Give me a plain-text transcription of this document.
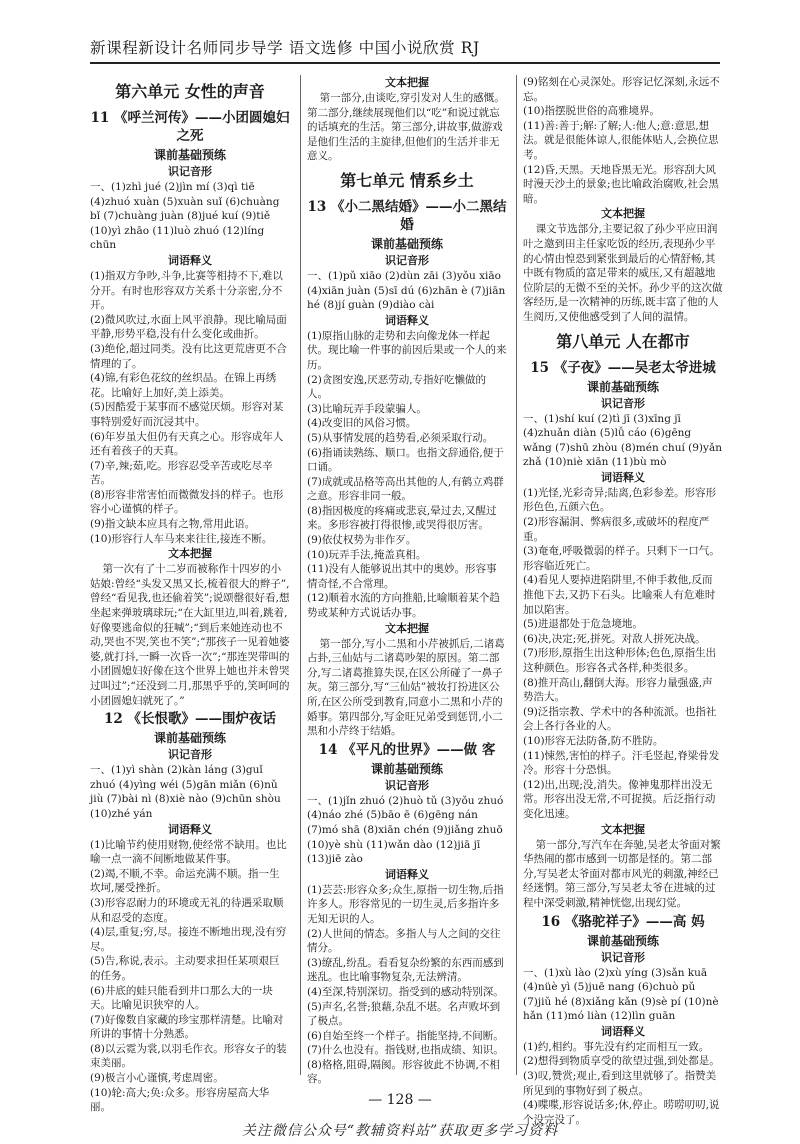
新课程新设计名师同步导学 语文选修 中国小说欣赏 RJ
第六单元 女性的声音
11 《呼兰河传》——小团圆媳妇之死
课前基础预练
识记音形
一、(1)zhì jué (2)jìn mí (3)qì tiē (4)zhuó xuàn (5)xuàn suǐ (6)chuàng bǐ (7)chuàng juàn (8)jué kuí (9)tiě (10)yì zhāo (11)luò zhuó (12)líng chūn
词语释义
(1)指双方争吵,斗争,比赛等相持不下,难以分开。有时也形容双方关系十分亲密,分不开。
(2)微风吹过,水面上风平浪静。现比喻局面平静,形势平稳,没有什么变化或曲折。
(3)绝伦,超过同类。没有比这更荒唐更不合情理的了。
(4)锦,有彩色花纹的丝织品。在锦上再绣花。比喻好上加好,美上添美。
(5)因酷爱于某事而不感觉厌烦。形容对某事特别爱好而沉浸其中。
(6)年岁虽大但仍有天真之心。形容成年人还有着孩子的天真。
(7)辛,辣;茹,吃。形容忍受辛苦或吃尽辛苦。
(8)形容非常害怕而微微发抖的样子。也形容小心谨慎的样子。
(9)指文缺本应具有之物,常用此语。
(10)形容行人车马来来往往,接连不断。
文本把握
第一次有了十二岁而被称作十四岁的小姑娘:曾经“头发又黑又长,梳着很大的辫子”,曾经“看见我,也还偷着笑”;说颂罄很好看,想坐起来弹玻璃球玩;“在大缸里边,叫着,跳着,好像要逃命似的狂喊”;“到后来她连动也不动,哭也不哭,笑也不笑”;“那孩子一见着她婆婆,就打抖,一瞬一次昏一次”;“那连哭带叫的小团圆媳妇好像在这个世界上她也并未曾哭过叫过”;“还没到二月,那黑乎乎的,笑呵呵的小团圆媳妇就死了。”
12 《长恨歌》——围炉夜话
课前基础预练
识记音形
一、(1)yì shàn (2)kàn láng (3)guǐ zhuó (4)yìng wéi (5)gān miǎn (6)nǔ jiù (7)bài nì (8)xiè nào (9)chūn shòu (10)zhé yán
词语释义
(1)比喻节约使用财物,使经常不缺用。也比喻一点一滴不间断地做某件事。
(2)竭,不顺,不幸。命运充满不顺。指一生坎坷,屡受挫折。
(3)形容忍耐力的环境或无礼的待遇采取顺从和忍受的态度。
(4)层,重复;穷,尽。接连不断地出现,没有穷尽。
(5)告,称说,表示。主动要求担任某项艰巨的任务。
(6)井底的蛙只能看到井口那么大的一块天。比喻见识狭窄的人。
(7)好像数自家藏的珍宝那样清楚。比喻对所讲的事情十分熟悉。
(8)以云霓为裳,以羽毛作衣。形容女子的装束美丽。
(9)极言小心谨慎,考虑周密。
(10)轮:高大;奂:众多。形容房屋高大华丽。
文本把握
第一部分,由谈吃,穿引发对人生的感慨。第二部分,继续展现他们以“吃”和说过就忘的话填充的生活。第三部分,讲故事,做游戏是他们生活的主旋律,但他们的生活并非无意义。
第七单元 情系乡土
13 《小二黑结婚》——小二黑结婚
课前基础预练
识记音形
一、(1)pǔ xiāo (2)dùn zāi (3)yǒu xiāo (4)xiān juàn (5)sī dú (6)zhān è (7)jiān hé (8)jí guàn (9)diào cài
词语释义
(1)原指山脉的走势和去向像龙体一样起伏。现比喻一件事的前因后果或一个人的来历。
(2)贪图安逸,厌恶劳动,专指好吃懒做的人。
(3)比喻玩弄手段蒙骗人。
(4)改变旧的风俗习惯。
(5)从事情发展的趋势看,必须采取行动。
(6)指诵读熟练、顺口。也指文辞通俗,便于口诵。
(7)成就或品格等高出其他的人,有鹤立鸡群之意。形容非同一般。
(8)指因极度的疼痛或悲哀,晕过去,又醒过来。多形容被打得很惨,或哭得很厉害。
(9)依仗权势为非作歹。
(10)玩弄手法,掩盖真相。
(11)没有人能够说出其中的奥妙。形容事情奇怪,不合常理。
(12)顺着水流的方向推船,比喻顺着某个趋势或某种方式说话办事。
文本把握
第一部分,写小二黑和小芹被抓后,二诸葛占卦,三仙姑与二诸葛吵架的原因。第二部分,写二诸葛推算失误,在区公所碰了一鼻子灰。第三部分,写“三仙姑”被妆打扮进区公所,在区公所受到教育,同意小二黑和小芹的婚事。第四部分,写金旺兄弟受到惩罚,小二黑和小芹终于结婚。
14 《平凡的世界》——做 客
课前基础预练
识记音形
一、(1)jǐn zhuó (2)huò tǔ (3)yǒu zhuó (4)náo zhé (5)bāo ē (6)gēng nán (7)mó shā (8)xiān chén (9)jiǎng zhuō (10)yè shù (11)wǎn dào (12)jiā jī (13)jiē zào
词语释义
(1)芸芸:形容众多;众生,原指一切生物,后指许多人。形容常见的一切生灵,后多指许多无知无识的人。
(2)人世间的情态。多指人与人之间的交往情分。
(3)缭乱,纷乱。看看复杂纷繁的东西而感到迷乱。也比喻事物复杂,无法辨清。
(4)至深,特别深切。指受到的感动特别深。
(5)声名,名誉;狼藉,杂乱不堪。名声败坏到了极点。
(6)自始至终一个样子。指能坚持,不间断。
(7)什么也没有。指钱财,也指成绩、知识。
(8)格格,阻碍,隔阂。形容彼此不协调,不相容。
(9)铭刻在心灵深处。形容记忆深刻,永远不忘。
(10)指摆脱世俗的高雅境界。
(11)善:善于;解:了解;人:他人;意:意思,想法。就是很能体谅人,很能体贴人,会换位思考。
(12)昏,天黑。天地昏黑无光。形容刮大风时漫天沙土的景象;也比喻政治腐败,社会黑暗。
文本把握
课文节选部分,主要记叙了孙少平应田润叶之邀到田主任家吃饭的经历,表现孙少平的心情由惶恐到紧张到最后的心情舒畅,其中既有物质的富足带来的威压,又有超越地位阶层的无微不至的关怀。孙少平的这次做客经历,是一次精神的历练,既丰富了他的人生阅历,又使他感受到了人间的温情。
第八单元 人在都市
15 《子夜》——吴老太爷进城
课前基础预练
识记音形
一、(1)shí kuí (2)tì jī (3)xīng jī (4)zhuǎn diàn (5)lǚ cáo (6)gēng wǎng (7)shū zhòu (8)mén chuí (9)yǎn zhǎ (10)niè xiān (11)bù mò
词语释义
(1)光怪,光彩奇异;陆离,色彩参差。形容形形色色,五颜六色。
(2)形容漏洞、弊病很多,或破坏的程度严重。
(3)奄奄,呼吸微弱的样子。只剩下一口气。形容临近死亡。
(4)看见人要掉进陷阱里,不伸手救他,反而推他下去,又扔下石头。比喻乘人有危难时加以陷害。
(5)进退都处于危急境地。
(6)决,决定;死,拼死。对敌人拼死决战。
(7)形形,原指生出这种形体;色色,原指生出这种颜色。形容各式各样,种类很多。
(8)推开高山,翻倒大海。形容力量强盛,声势浩大。
(9)泛指宗教、学术中的各种流派。也指社会上各行各业的人。
(10)形容无法防备,防不胜防。
(11)悚然,害怕的样子。汗毛竖起,脊梁骨发冷。形容十分恐惧。
(12)出,出现;没,消失。像神鬼那样出没无常。形容出没无常,不可捉摸。后泛指行动变化迅速。
文本把握
第一部分,写汽车在奔驰,吴老太爷面对繁华热闹的都市感到一切都是怪的。第二部分,写吴老太爷面对都市风光的刺激,神经已经迷惘。第三部分,写吴老太爷在进城的过程中深受刺激,精神恍惚,出现幻觉。
16 《骆驼祥子》——高 妈
课前基础预练
识记音形
一、(1)xù lào (2)xù yíng (3)sǎn kuā (4)nüè yì (5)juē nang (6)chuò pǔ (7)jiǔ hé (8)xiǎng kǎn (9)sè pí (10)nè hǎn (11)mó liàn (12)lìn guān
词语释义
(1)约,相约。事先没有约定而相互一致。
(2)想得到物质享受的欲望过强,到处都是。
(3)叹,赞赏;观止,看到这里就够了。指赞美所见到的事物好到了极点。
(4)喋喋,形容说话多;休,停止。唠唠叨叨,说个没完没了。
— 128 —
关注微信公众号“教辅资料站”获取更多学习资料
